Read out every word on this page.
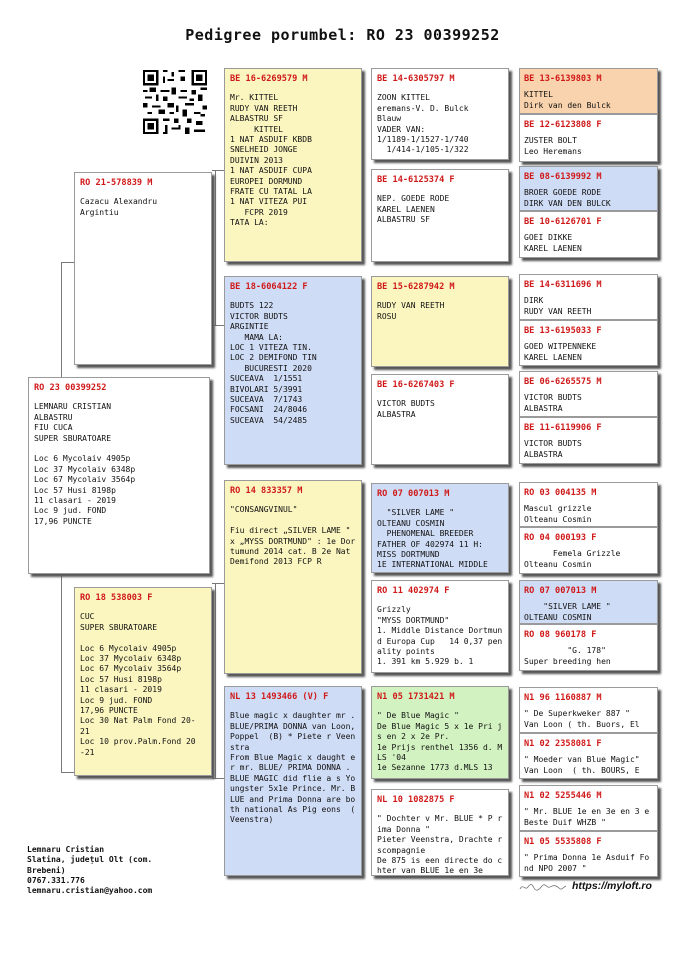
Pedigree porumbel: RO 23 00399252
RO 23 00399252
LEMNARU CRISTIAN
ALBASTRU
FIU CUCA
SUPER SBURATOARE

Loc 6 Mycolaiv 4905p
Loc 37 Mycolaiv 6348p
Loc 67 Mycolaiv 3564p
Loc 57 Husi 8198p
11 clasari - 2019
Loc 9 jud. FOND
17,96 PUNCTE
RO 21-578839 M
Cazacu Alexandru
Argintiu
RO 18 538003 F
CUC
SUPER SBURATOARE

Loc 6 Mycolaiv 4905p
Loc 37 Mycolaiv 6348p
Loc 67 Mycolaiv 3564p
Loc 57 Husi 8198p
11 clasari - 2019
Loc 9 jud. FOND
17,96 PUNCTE
Loc 30 Nat Palm Fond 20-
21
Loc 10 prov.Palm.Fond 20
-21
BE 16-6269579 M
Mr. KITTEL
RUDY VAN REETH
ALBASTRU SF
KITTEL
1 NAT ASDUIF KBDB
SNELHEID JONGE
DUIVIN 2013
1 NAT ASDUIF CUPA
EUROPEI DORMUND
FRATE CU TATAL LA
1 NAT VITEZA PUI
FCPR 2019
TATA LA:
BE 18-6064122 F
BUDTS 122
VICTOR BUDTS
ARGINTIE
MAMA LA:
LOC 1 VITEZA TIN.
LOC 2 DEMIFOND TIN
BUCURESTI 2020
SUCEAVA  1/1551
BIVOLARI 5/3991
SUCEAVA  7/1743
FOCSANI  24/8046
SUCEAVA  54/2485
RO 14 833357 M
"CONSANGVINUL"

Fiu direct „SILVER LAME " x „MYSS DORTMUND" : 1e Dortumund 2014 cat. B 2e Nat Demifond 2013 FCP R
NL 13 1493466 (V) F
Blue magic x daughter mr . BLUE/PRIMA DONNA van Loon, Poppel  (B) * Piete r Veenstra
From Blue Magic x daught er mr. BLUE/ PRIMA DONNA .  BLUE MAGIC did flie a s Youngster 5x1e Prince. Mr. BLUE and Prima Donna are both national As Pig eons  ( Veenstra)
BE 14-6305797 M
ZOON KITTEL
eremans-V. D. Bulck
Blauw
VADER VAN:
1/1189-1/1527-1/740
1/414-1/105-1/322
BE 14-6125374 F
NEP. GOEDE RODE
KAREL LAENEN
ALBASTRU SF
BE 15-6287942 M
RUDY VAN REETH
ROSU
BE 16-6267403 F
VICTOR BUDTS
ALBASTRA
RO 07 007013 M
"SILVER LAME "
OLTEANU COSMIN
PHENOMENAL BREEDER
FATHER OF 402974 11 H:
MISS DORTMUND
1E INTERNATIONAL MIDDLE
RO 11 402974 F
Grizzly
"MYSS DORTMUND"
1. Middle Distance Dortmund Europa Cup   14 0,37 penality points
1. 391 km 5.929 b. 1
N1 05 1731421 M
" De Blue Magic "
De Blue Magic 5 x 1e Pri js en 2 x 2e Pr.
1e Prijs renthel 1356 d. MLS '04
1e Sezanne 1773 d.MLS 13
NL 10 1082875 F
" Dochter v Mr. BLUE * P rima Donna "
Pieter Veenstra, Drachte rscompagnie
De 875 is een directe do chter van BLUE 1e en 3e
BE 13-6139803 M
KITTEL
Dirk van den Bulck
BE 12-6123808 F
ZUSTER BOLT
Leo Heremans
BE 08-6139992 M
BROER GOEDE RODE
DIRK VAN DEN BULCK
BE 10-6126701 F
GOEI DIKKE
KAREL LAENEN
BE 14-6311696 M
DIRK
RUDY VAN REETH
BE 13-6195033 F
GOED WITPENNEKE
KAREL LAENEN
BE 06-6265575 M
VICTOR BUDTS
ALBASTRA
BE 11-6119906 F
VICTOR BUDTS
ALBASTRA
RO 03 004135 M
Mascul grizzle
Olteanu Cosmin
RO 04 000193 F
Femela Grizzle
Olteanu Cosmin
RO 07 007013 M
"SILVER LAME "
OLTEANU COSMIN
RO 08 960178 F
"G. 178"
Super breeding hen
N1 96 1160887 M
" De Superkweker 887 "
Van Loon ( th. Buors, El
N1 02 2358081 F
" Moeder van Blue Magic"
Van Loon  ( th. BOURS, E
N1 02 5255446 M
" Mr. BLUE 1e en 3e en 3 e Beste Duif WHZB "
N1 05 5535808 F
" Prima Donna 1e Asduif Fond NPO 2007 "
Lemnaru Cristian
Slatina, județul Olt (com.
Brebeni)
0767.331.776
lemnaru.cristian@yahoo.com	https://myloft.ro
